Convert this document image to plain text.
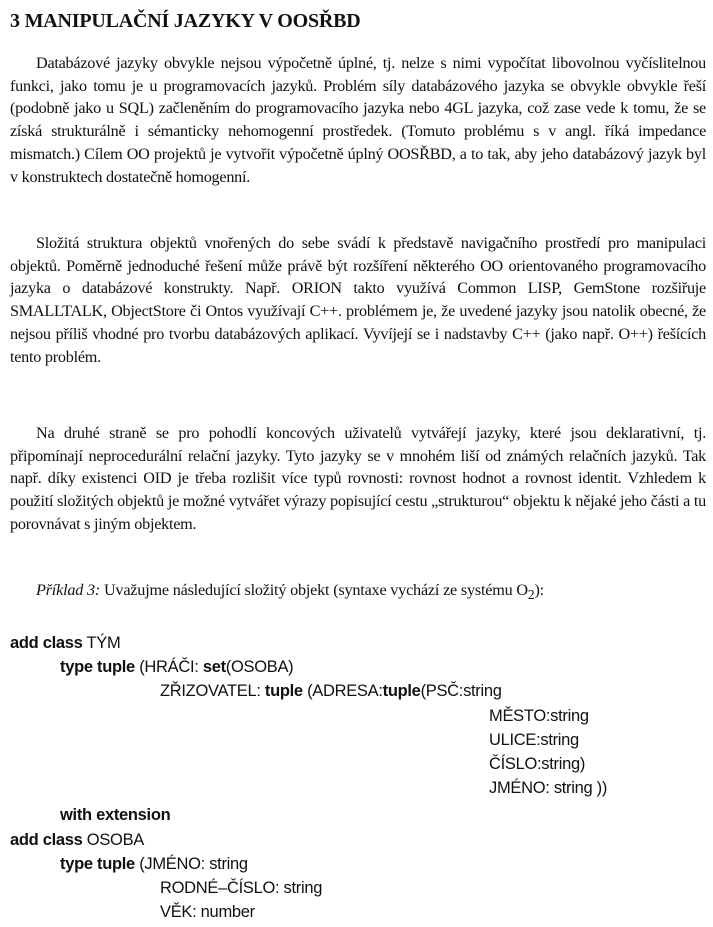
3 MANIPULAČNÍ JAZYKY V OOSŘBD

Databázové jazyky obvykle nejsou výpočetně úplné, tj. nelze s nimi vypočítat libovolnou vyčíslitelnou funkci, jako tomu je u programovacích jazyků. Problém síly databázového jazyka se obvykle obvykle řeší (podobně jako u SQL) začleněním do programovacího jazyka nebo 4GL jazyka, což zase vede k tomu, že se získá strukturálně i sémanticky nehomogenní prostředek. (Tomuto problému s v angl. říká impedance mismatch.) Cílem OO projektů je vytvořit výpočetně úplný OOSŘBD, a to tak, aby jeho databázový jazyk byl v konstruktech dostatečně homogenní.

Složitá struktura objektů vnořených do sebe svádí k představě navigačního prostředí pro manipulaci objektů. Poměrně jednoduché řešení může právě být rozšíření některého OO orientovaného programovacího jazyka o databázové konstrukty. Např. ORION takto využívá Common LISP, GemStone rozšiřuje SMALLTALK, ObjectStore či Ontos využívají C++. problémem je, že uvedené jazyky jsou natolik obecné, že nejsou příliš vhodné pro tvorbu databázových aplikací. Vyvíjejí se i nadstavby C++ (jako např. O++) řešících tento problém.

Na druhé straně se pro pohodlí koncových uživatelů vytvářejí jazyky, které jsou deklarativní, tj. připomínají neprocedurální relační jazyky. Tyto jazyky se v mnohém liší od známých relačních jazyků. Tak např. díky existenci OID je třeba rozlišit více typů rovnosti: rovnost hodnot a rovnost identit. Vzhledem k použití složitých objektů je možné vytvářet výrazy popisující cestu „strukturou“ objektu k nějaké jeho části a tu porovnávat s jiným objektem.

Příklad 3: Uvažujme následující složitý objekt (syntaxe vychází ze systému $O_2$):

add class TÝM
type tuple (HRÁČI: set(OSOBA)
ZŘIZOVATEL: tuple (ADRESA:tuple(PSČ:string
MĚSTO:string
ULICE:string
ČÍSLO:string)
JMÉNO: string ))
with extension
add class OSOBA
type tuple (JMÉNO: string
RODNÉ–ČÍSLO: string
VĚK: number
